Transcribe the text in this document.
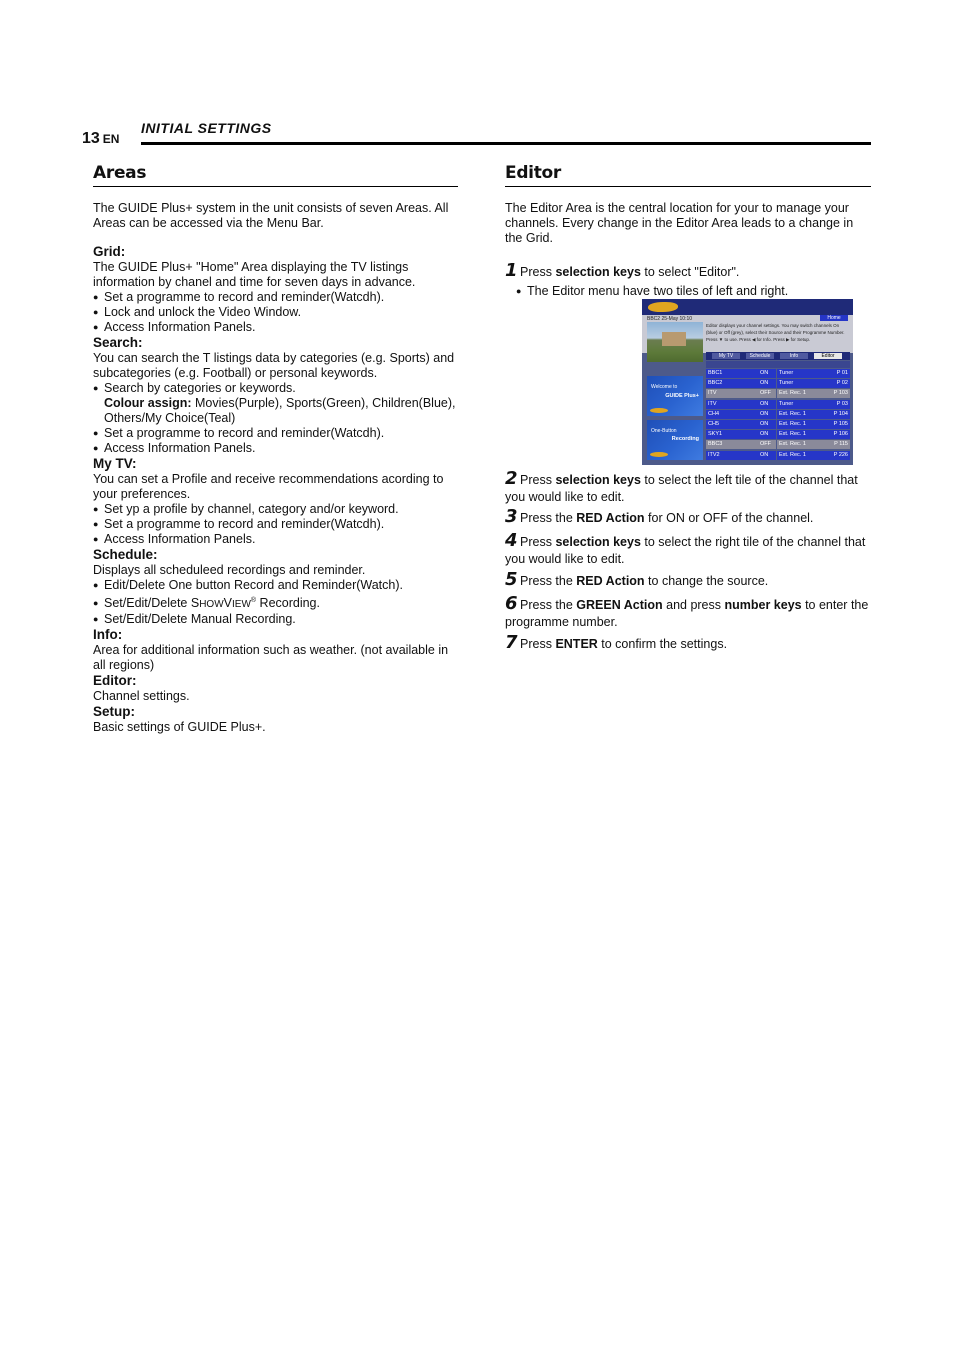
13 EN
INITIAL SETTINGS
Areas

The GUIDE Plus+ system in the unit consists of seven Areas. All Areas can be accessed via the Menu Bar.

Grid:

The GUIDE Plus+ "Home" Area displaying the TV listings information by chanel and time for seven days in advance.

● Set a programme to record and reminder(Watcdh).

● Lock and unlock the Video Window.

● Access Information Panels.

Search:

You can search the T listings data by categories (e.g. Sports) and subcategories (e.g. Football) or personal keywords.

● Search by categories or keywords.

Colour assign: Movies(Purple), Sports(Green), Children(Blue), Others/My Choice(Teal)

● Set a programme to record and reminder(Watcdh).

● Access Information Panels.

My TV:

You can set a Profile and receive recommendations acording to your preferences.

● Set yp a profile by channel, category and/or keyword.

● Set a programme to record and reminder(Watcdh).

● Access Information Panels.

Schedule:

Displays all scheduleed recordings and reminder.

● Edit/Delete One button Record and Reminder(Watch).

● Set/Edit/Delete SHOWVIEW® Recording.

● Set/Edit/Delete Manual Recording.

Info:

Area for additional information such as weather. (not available in all regions)

Editor:

Channel settings.

Setup:

Basic settings of GUIDE Plus+.

Editor
The Editor Area is the central location for your to manage your channels. Every change in the Editor Area leads to a change in the Grid.
1 Press selection keys to select "Editor".
● The Editor menu have two tiles of left and right.
Home
BBC2 25-May 10:10
Editor displays your channel settings. You may switch channels On (blue) or Off (grey), select their Source and their Programme Number. Press ▼ to use. Press ◀ for Info. Press ▶ for Setup.
My TV	Schedule	Info	Editor
Welcome to
GUIDE Plus+
One-Button
Recording
BBC1	ON	Tuner	P 01
BBC2	ON	Tuner	P 02
ITV	OFF	Ext. Rec. 1	P 103
ITV	ON	Tuner	P 03
CH4	ON	Ext. Rec. 1	P 104
CH5	ON	Ext. Rec. 1	P 105
SKY1	ON	Ext. Rec. 1	P 106
BBC3	OFF	Ext. Rec. 1	P 115
ITV2	ON	Ext. Rec. 1	P 226
2 Press selection keys to select the left tile of the channel that you would like to edit.
3 Press the RED Action for ON or OFF of the channel.
4 Press selection keys to select the right tile of the channel that you would like to edit.
5 Press the RED Action to change the source.
6 Press the GREEN Action and press number keys to enter the programme number.
7 Press ENTER to confirm the settings.
